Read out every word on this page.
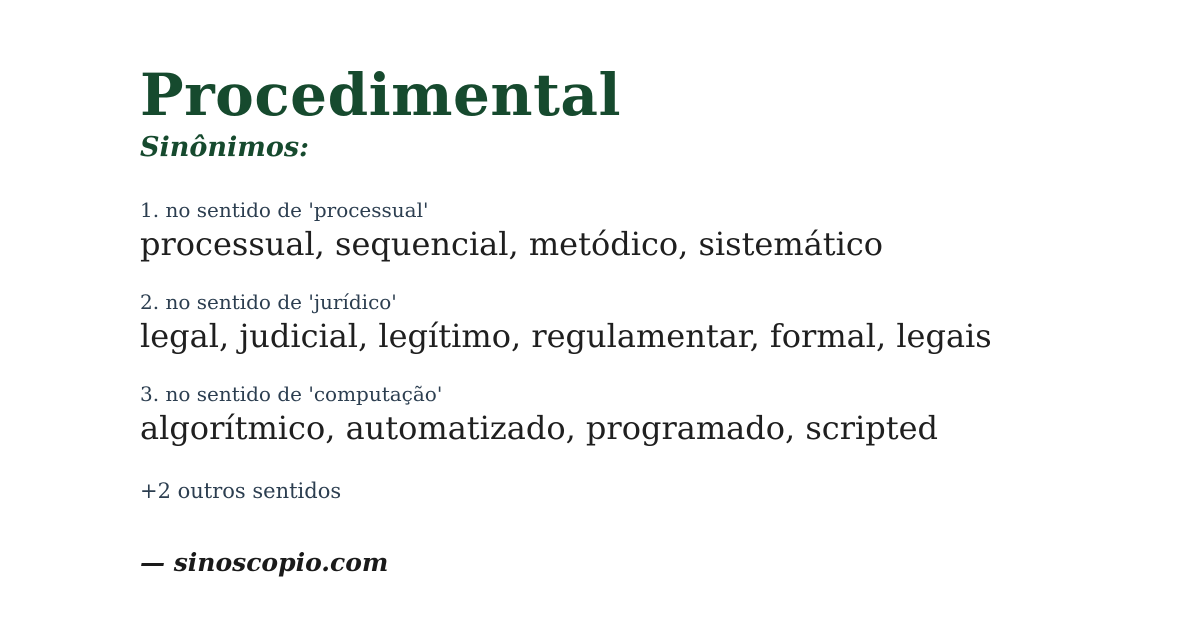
Procedimental
Sinônimos:
1. no sentido de 'processual'
processual, sequencial, metódico, sistemático
2. no sentido de 'jurídico'
legal, judicial, legítimo, regulamentar, formal, legais
3. no sentido de 'computação'
algorítmico, automatizado, programado, scripted
+2 outros sentidos
— sinoscopio.com
